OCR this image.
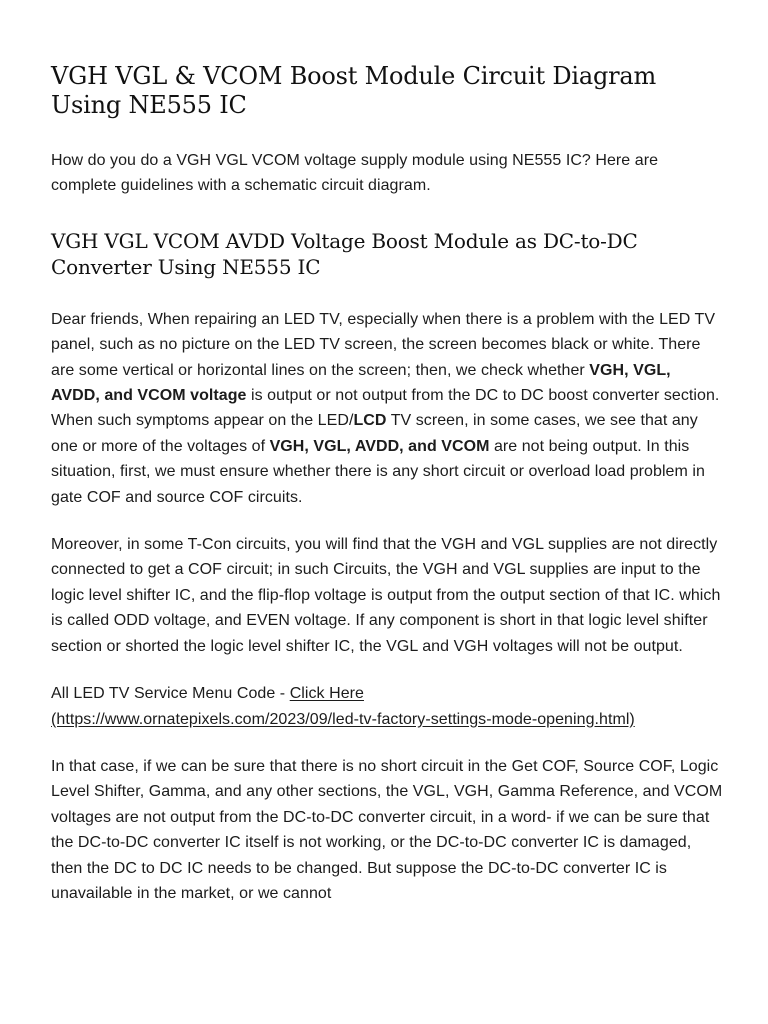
VGH VGL & VCOM Boost Module Circuit Diagram Using NE555 IC

How do you do a VGH VGL VCOM voltage supply module using NE555 IC? Here are complete guidelines with a schematic circuit diagram.

VGH VGL VCOM AVDD Voltage Boost Module as DC-to-DC Converter Using NE555 IC

Dear friends, When repairing an LED TV, especially when there is a problem with the LED TV panel, such as no picture on the LED TV screen, the screen becomes black or white. There are some vertical or horizontal lines on the screen; then, we check whether VGH, VGL, AVDD, and VCOM voltage is output or not output from the DC to DC boost converter section. When such symptoms appear on the LED/LCD TV screen, in some cases, we see that any one or more of the voltages of VGH, VGL, AVDD, and VCOM are not being output. In this situation, first, we must ensure whether there is any short circuit or overload load problem in gate COF and source COF circuits.

Moreover, in some T-Con circuits, you will find that the VGH and VGL supplies are not directly connected to get a COF circuit; in such Circuits, the VGH and VGL supplies are input to the logic level shifter IC, and the flip-flop voltage is output from the output section of that IC. which is called ODD voltage, and EVEN voltage. If any component is short in that logic level shifter section or shorted the logic level shifter IC, the VGL and VGH voltages will not be output.

All LED TV Service Menu Code - Click Here
(https://www.ornatepixels.com/2023/09/led-tv-factory-settings-mode-opening.html)

In that case, if we can be sure that there is no short circuit in the Get COF, Source COF, Logic Level Shifter, Gamma, and any other sections, the VGL, VGH, Gamma Reference, and VCOM voltages are not output from the DC-to-DC converter circuit, in a word- if we can be sure that the DC-to-DC converter IC itself is not working, or the DC-to-DC converter IC is damaged, then the DC to DC IC needs to be changed. But suppose the DC-to-DC converter IC is unavailable in the market, or we cannot
